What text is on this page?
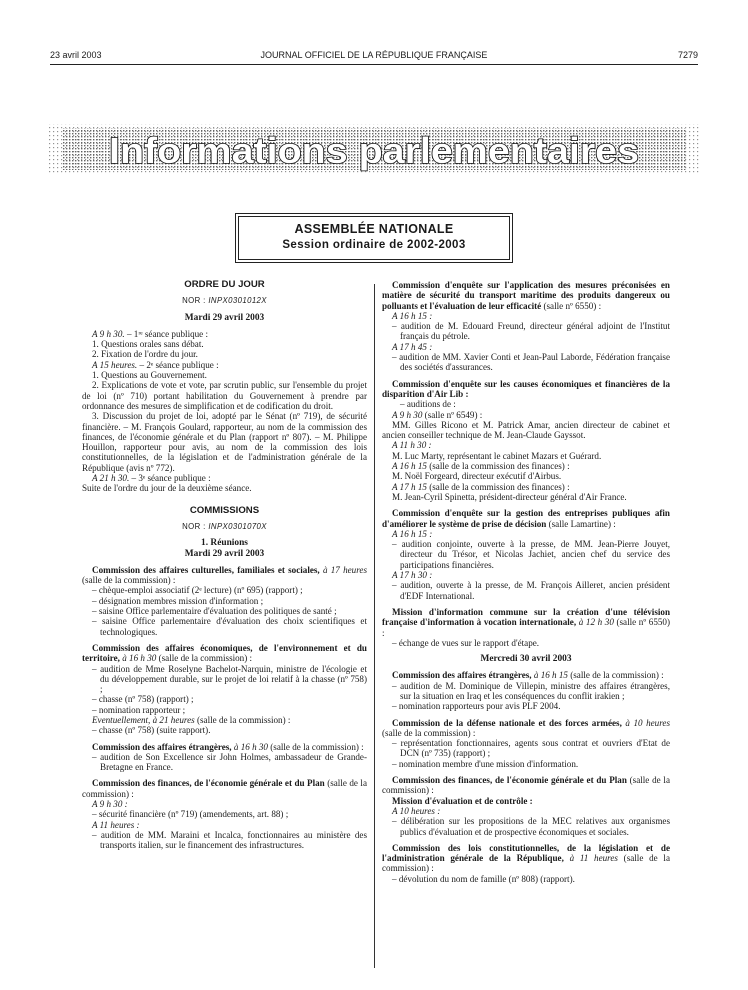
23 avril 2003	JOURNAL OFFICIEL DE LA RÉPUBLIQUE FRANÇAISE	7279
Informations parlementaires
ASSEMBLÉE NATIONALE
Session ordinaire de 2002-2003
ORDRE DU JOUR
NOR : INPX0301012X
Mardi 29 avril 2003
A 9 h 30. – 1ʳᵉ séance publique :
1. Questions orales sans débat.
2. Fixation de l'ordre du jour.
A 15 heures. – 2ᵉ séance publique :
1. Questions au Gouvernement.
2. Explications de vote et vote, par scrutin public, sur l'ensemble du projet de loi (nº 710) portant habilitation du Gouvernement à prendre par ordonnance des mesures de simplification et de codification du droit.
3. Discussion du projet de loi, adopté par le Sénat (nº 719), de sécurité financière. – M. François Goulard, rapporteur, au nom de la commission des finances, de l'économie générale et du Plan (rapport nº 807). – M. Philippe Houillon, rapporteur pour avis, au nom de la commission des lois constitutionnelles, de la législation et de l'administration générale de la République (avis nº 772).
A 21 h 30. – 3ᵉ séance publique :
Suite de l'ordre du jour de la deuxième séance.
COMMISSIONS
NOR : INPX0301070X
1. Réunions
Mardi 29 avril 2003
Commission des affaires culturelles, familiales et sociales, à 17 heures (salle de la commission) :
– chèque-emploi associatif (2ᵉ lecture) (nº 695) (rapport) ;
– désignation membres mission d'information ;
– saisine Office parlementaire d'évaluation des politiques de santé ;
– saisine Office parlementaire d'évaluation des choix scientifiques et technologiques.
Commission des affaires économiques, de l'environnement et du territoire, à 16 h 30 (salle de la commission) :
– audition de Mme Roselyne Bachelot-Narquin, ministre de l'écologie et du développement durable, sur le projet de loi relatif à la chasse (nº 758) ;
– chasse (nº 758) (rapport) ;
– nomination rapporteur ;
Eventuellement, à 21 heures (salle de la commission) :
– chasse (nº 758) (suite rapport).
Commission des affaires étrangères, à 16 h 30 (salle de la commission) :
– audition de Son Excellence sir John Holmes, ambassadeur de Grande-Bretagne en France.
Commission des finances, de l'économie générale et du Plan (salle de la commission) :
A 9 h 30 :
– sécurité financière (nº 719) (amendements, art. 88) ;
A 11 heures :
– audition de MM. Maraini et Incalca, fonctionnaires au ministère des transports italien, sur le financement des infrastructures.
Commission d'enquête sur l'application des mesures préconisées en matière de sécurité du transport maritime des produits dangereux ou polluants et l'évaluation de leur efficacité (salle nº 6550) :
A 16 h 15 :
– audition de M. Edouard Freund, directeur général adjoint de l'Institut français du pétrole.
A 17 h 45 :
– audition de MM. Xavier Conti et Jean-Paul Laborde, Fédération française des sociétés d'assurances.
Commission d'enquête sur les causes économiques et financières de la disparition d'Air Lib :
– auditions de :
A 9 h 30 (salle nº 6549) :
MM. Gilles Ricono et M. Patrick Amar, ancien directeur de cabinet et ancien conseiller technique de M. Jean-Claude Gayssot.
A 11 h 30 :
M. Luc Marty, représentant le cabinet Mazars et Guérard.
A 16 h 15 (salle de la commission des finances) :
M. Noël Forgeard, directeur exécutif d'Airbus.
A 17 h 15 (salle de la commission des finances) :
M. Jean-Cyril Spinetta, président-directeur général d'Air France.
Commission d'enquête sur la gestion des entreprises publiques afin d'améliorer le système de prise de décision (salle Lamartine) :
A 16 h 15 :
– audition conjointe, ouverte à la presse, de MM. Jean-Pierre Jouyet, directeur du Trésor, et Nicolas Jachiet, ancien chef du service des participations financières.
A 17 h 30 :
– audition, ouverte à la presse, de M. François Ailleret, ancien président d'EDF International.
Mission d'information commune sur la création d'une télévision française d'information à vocation internationale, à 12 h 30 (salle nº 6550) :
– échange de vues sur le rapport d'étape.
Mercredi 30 avril 2003
Commission des affaires étrangères, à 16 h 15 (salle de la commission) :
– audition de M. Dominique de Villepin, ministre des affaires étrangères, sur la situation en Iraq et les conséquences du conflit irakien ;
– nomination rapporteurs pour avis PLF 2004.
Commission de la défense nationale et des forces armées, à 10 heures (salle de la commission) :
– représentation fonctionnaires, agents sous contrat et ouvriers d'Etat de DCN (nº 735) (rapport) ;
– nomination membre d'une mission d'information.
Commission des finances, de l'économie générale et du Plan (salle de la commission) :
Mission d'évaluation et de contrôle :
A 10 heures :
– délibération sur les propositions de la MEC relatives aux organismes publics d'évaluation et de prospective économiques et sociales.
Commission des lois constitutionnelles, de la législation et de l'administration générale de la République, à 11 heures (salle de la commission) :
– dévolution du nom de famille (nº 808) (rapport).
